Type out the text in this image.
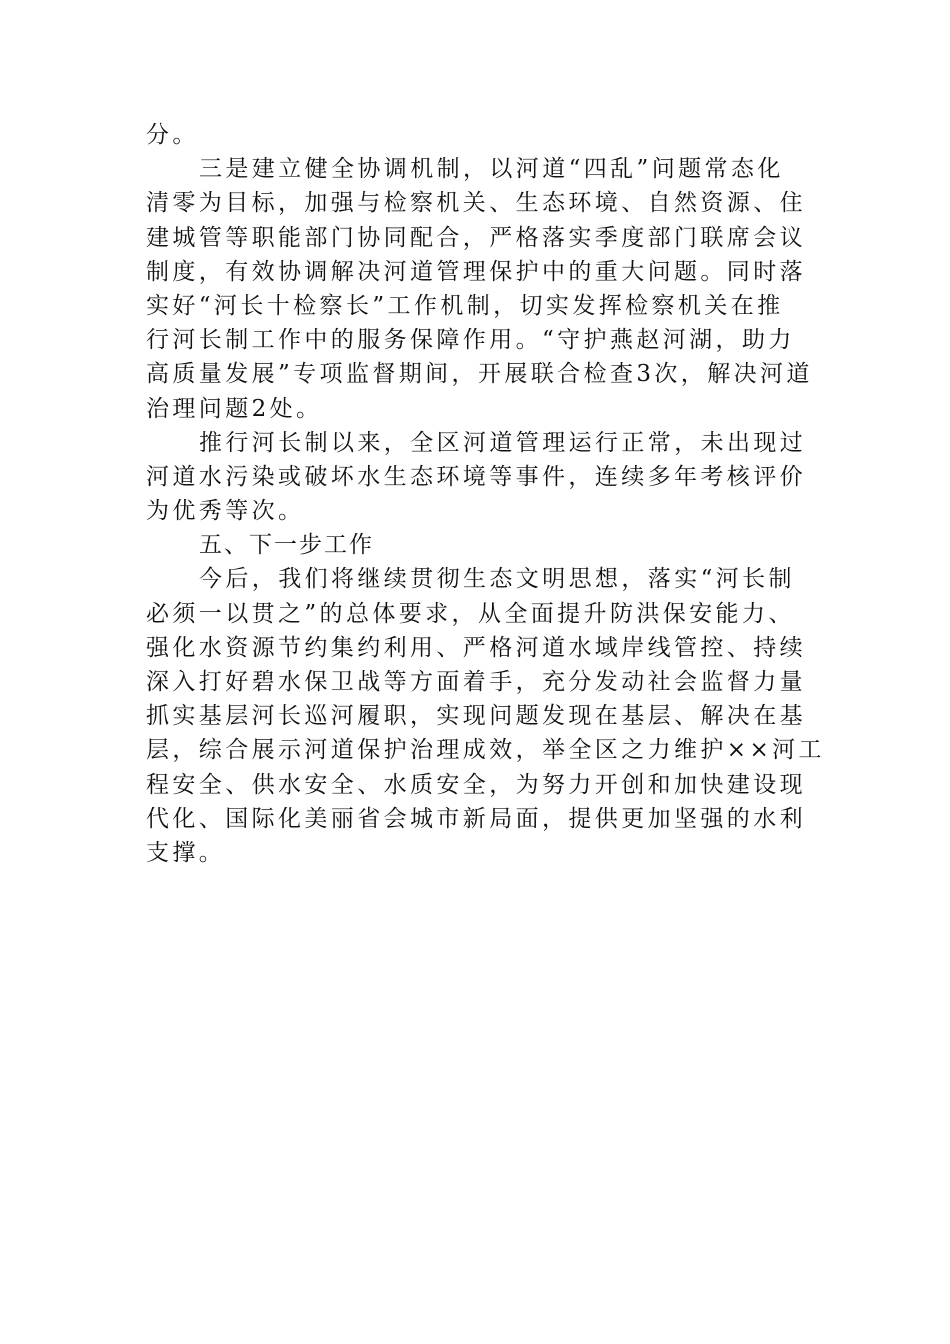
分。
三是建立健全协调机制，以河道“四乱”问题常态化
清零为目标，加强与检察机关、生态环境、自然资源、住
建城管等职能部门协同配合，严格落实季度部门联席会议
制度，有效协调解决河道管理保护中的重大问题。同时落
实好“河长十检察长”工作机制，切实发挥检察机关在推
行河长制工作中的服务保障作用。“守护燕赵河湖，助力
高质量发展”专项监督期间，开展联合检查3次，解决河道
治理问题2处。
推行河长制以来，全区河道管理运行正常，未出现过
河道水污染或破坏水生态环境等事件，连续多年考核评价
为优秀等次。
五、下一步工作
今后，我们将继续贯彻生态文明思想，落实“河长制
必须一以贯之”的总体要求，从全面提升防洪保安能力、
强化水资源节约集约利用、严格河道水域岸线管控、持续
深入打好碧水保卫战等方面着手，充分发动社会监督力量
抓实基层河长巡河履职，实现问题发现在基层、解决在基
层，综合展示河道保护治理成效，举全区之力维护××河工
程安全、供水安全、水质安全，为努力开创和加快建设现
代化、国际化美丽省会城市新局面，提供更加坚强的水利
支撑。
